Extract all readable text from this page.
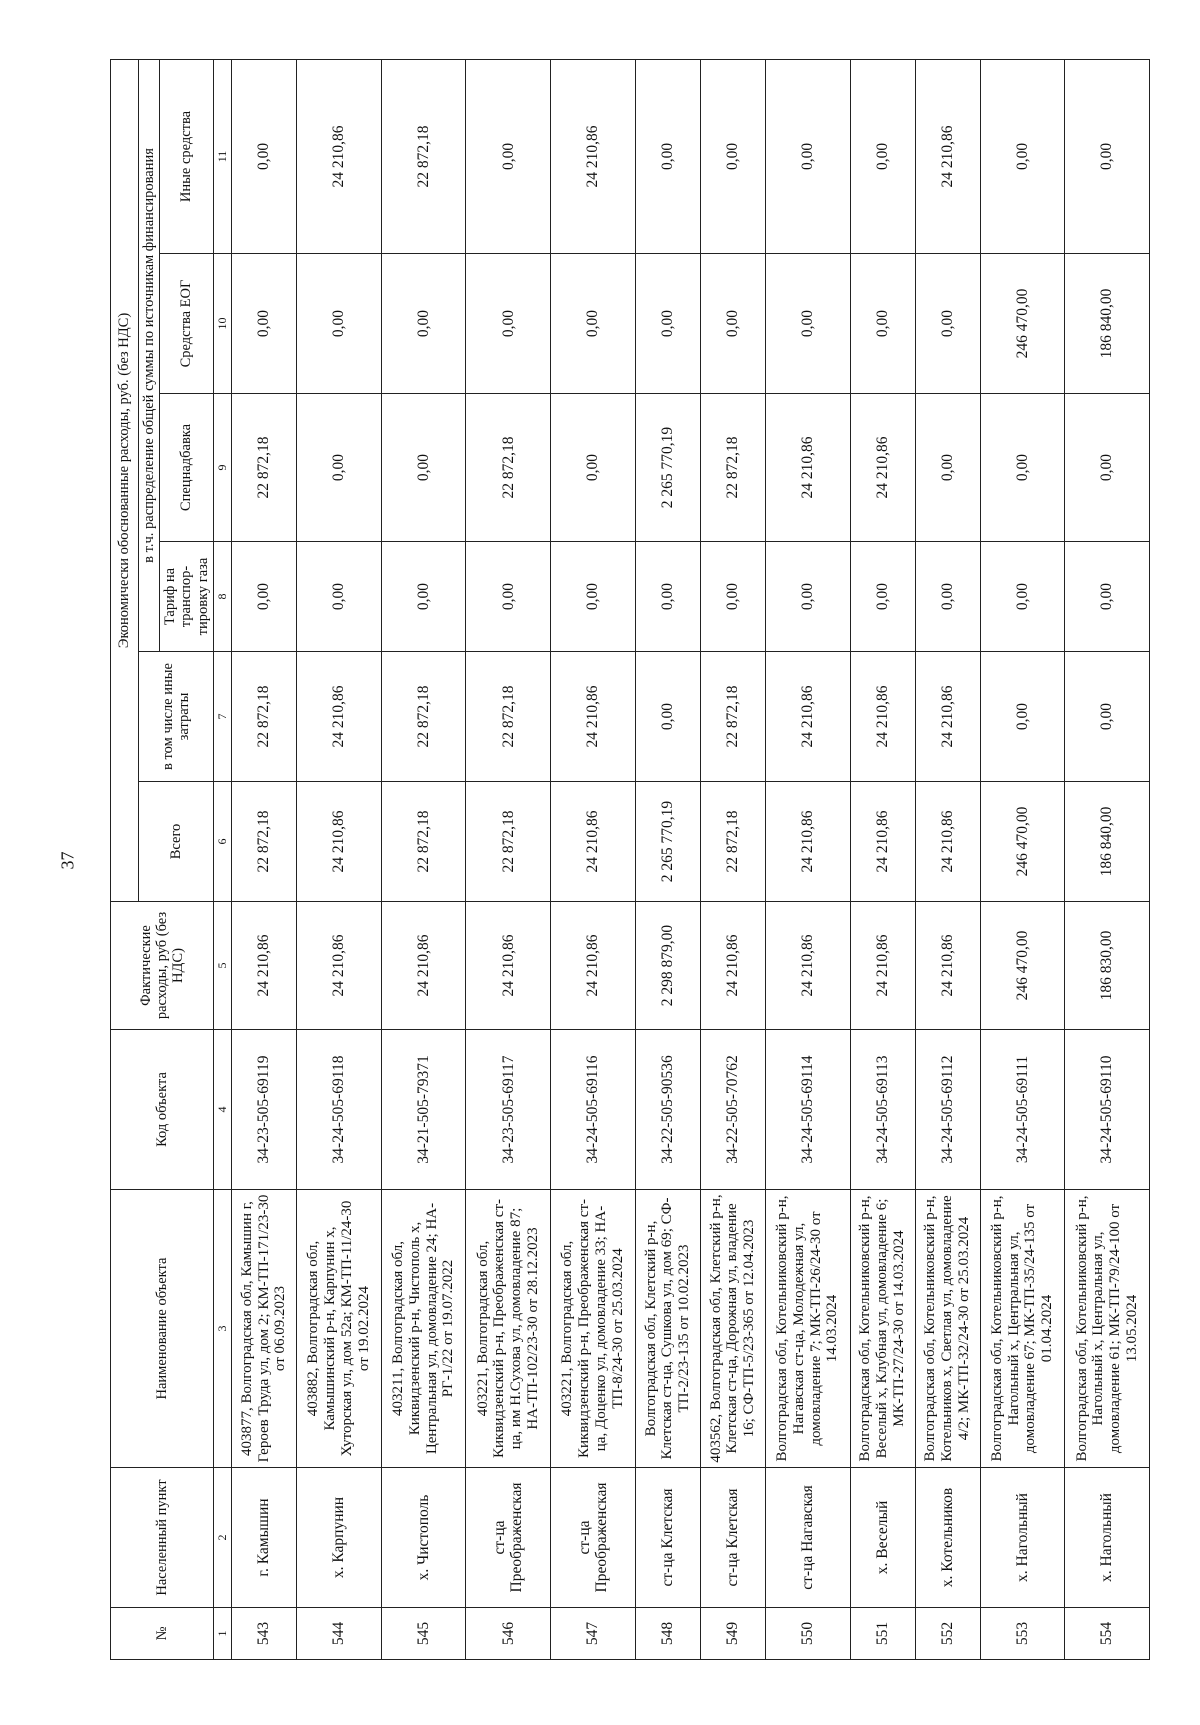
37
№	Населенный пункт	Наименование объекта	Код объекта	Фактические расходы, руб (без НДС)	Экономически обоснованные расходы, руб. (без НДС)					
					Всего	в том числе иные затраты	в т.ч. распределение общей суммы по источникам финансирования			
							Тариф на транспор- тировку газа	Спецнадбавка	Средства ЕОГ	Иные средства
1	2	3	4	5	6	7	8	9	10	11
543	г. Камышин	403877, Волгоградская обл, Камышин г, Героев Труда ул, дом 2; КМ-ТП-171/23-30 от 06.09.2023	34-23-505-69119	24 210,86	22 872,18	22 872,18	0,00	22 872,18	0,00	0,00
544	х. Карпунин	403882, Волгоградская обл, Камышинский р-н, Карпунин х, Хуторская ул, дом 52а; КМ-ТП-11/24-30 от 19.02.2024	34-24-505-69118	24 210,86	24 210,86	24 210,86	0,00	0,00	0,00	24 210,86
545	х. Чистополь	403211, Волгоградская обл, Киквидзенский р-н, Чистополь х, Центральная ул, домовладение 24; НА-РГ-1/22 от 19.07.2022	34-21-505-79371	24 210,86	22 872,18	22 872,18	0,00	0,00	0,00	22 872,18
546	ст-ца Преображенская	403221, Волгоградская обл, Киквидзенский р-н, Преображенская ст-ца, им Н.Сухова ул, домовладение 87; НА-ТП-102/23-30 от 28.12.2023	34-23-505-69117	24 210,86	22 872,18	22 872,18	0,00	22 872,18	0,00	0,00
547	ст-ца Преображенская	403221, Волгоградская обл, Киквидзенский р-н, Преображенская ст-ца, Доценко ул, домовладение 33; НА-ТП-8/24-30 от 25.03.2024	34-24-505-69116	24 210,86	24 210,86	24 210,86	0,00	0,00	0,00	24 210,86
548	ст-ца Клетская	Волгоградская обл, Клетский р-н, Клетская ст-ца, Сушкова ул, дом 69; СФ-ТП-2/23-135 от 10.02.2023	34-22-505-90536	2 298 879,00	2 265 770,19	0,00	0,00	2 265 770,19	0,00	0,00
549	ст-ца Клетская	403562, Волгоградская обл, Клетский р-н, Клетская ст-ца, Дорожная ул, владение 16; СФ-ТП-5/23-365 от 12.04.2023	34-22-505-70762	24 210,86	22 872,18	22 872,18	0,00	22 872,18	0,00	0,00
550	ст-ца Нагавская	Волгоградская обл, Котельниковский р-н, Нагавская ст-ца, Молодежная ул, домовладение 7; МК-ТП-26/24-30 от 14.03.2024	34-24-505-69114	24 210,86	24 210,86	24 210,86	0,00	24 210,86	0,00	0,00
551	х. Веселый	Волгоградская обл, Котельниковский р-н, Веселый х, Клубная ул, домовладение 6; МК-ТП-27/24-30 от 14.03.2024	34-24-505-69113	24 210,86	24 210,86	24 210,86	0,00	24 210,86	0,00	0,00
552	х. Котельников	Волгоградская обл, Котельниковский р-н, Котельников х, Светлая ул, домовладение 4/2; МК-ТП-32/24-30 от 25.03.2024	34-24-505-69112	24 210,86	24 210,86	24 210,86	0,00	0,00	0,00	24 210,86
553	х. Нагольный	Волгоградская обл, Котельниковский р-н, Нагольный х, Центральная ул, домовладение 67; МК-ТП-35/24-135 от 01.04.2024	34-24-505-69111	246 470,00	246 470,00	0,00	0,00	0,00	246 470,00	0,00
554	х. Нагольный	Волгоградская обл, Котельниковский р-н, Нагольный х, Центральная ул, домовладение 61; МК-ТП-79/24-100 от 13.05.2024	34-24-505-69110	186 830,00	186 840,00	0,00	0,00	0,00	186 840,00	0,00
